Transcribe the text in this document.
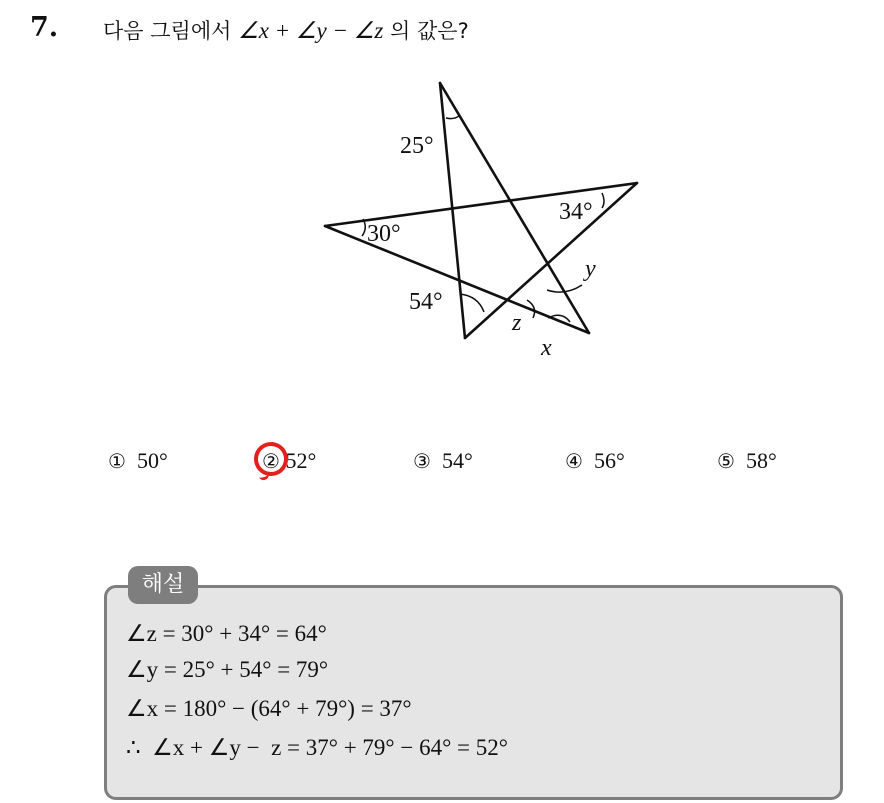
7. 다음 그림에서 ∠x + ∠y − ∠z 의 값은?
25°
34°
30°
54°
y
z
x
① 50°	② 52°	③ 54°	④ 56°	⑤ 58°
해설
∠z = 30° + 34° = 64°
∠y = 25° + 54° = 79°
∠x = 180° − (64° + 79°) = 37°
∴  ∠x + ∠y −  z = 37° + 79° − 64° = 52°
